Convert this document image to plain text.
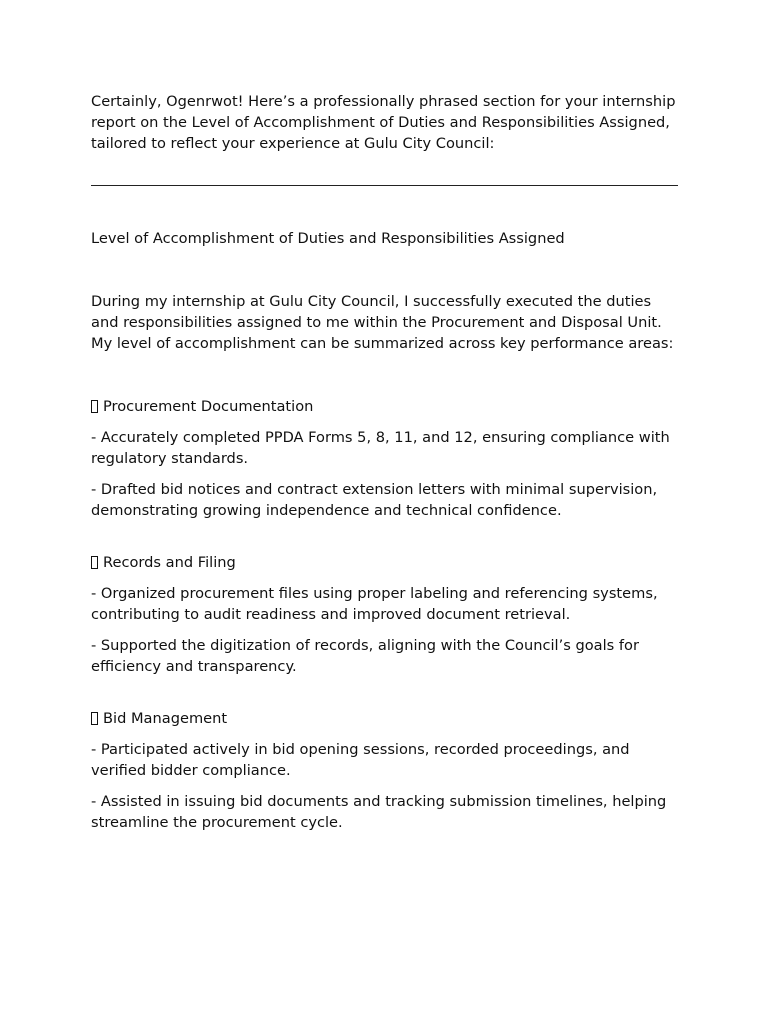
Certainly, Ogenrwot! Here’s a professionally phrased section for your internship report on the Level of Accomplishment of Duties and Responsibilities Assigned, tailored to reflect your experience at Gulu City Council:

Level of Accomplishment of Duties and Responsibilities Assigned

During my internship at Gulu City Council, I successfully executed the duties and responsibilities assigned to me within the Procurement and Disposal Unit. My level of accomplishment can be summarized across key performance areas:

Procurement Documentation

- Accurately completed PPDA Forms 5, 8, 11, and 12, ensuring compliance with regulatory standards.

- Drafted bid notices and contract extension letters with minimal supervision, demonstrating growing independence and technical confidence.

Records and Filing

- Organized procurement files using proper labeling and referencing systems, contributing to audit readiness and improved document retrieval.

- Supported the digitization of records, aligning with the Council’s goals for efficiency and transparency.

Bid Management

- Participated actively in bid opening sessions, recorded proceedings, and verified bidder compliance.

- Assisted in issuing bid documents and tracking submission timelines, helping streamline the procurement cycle.
